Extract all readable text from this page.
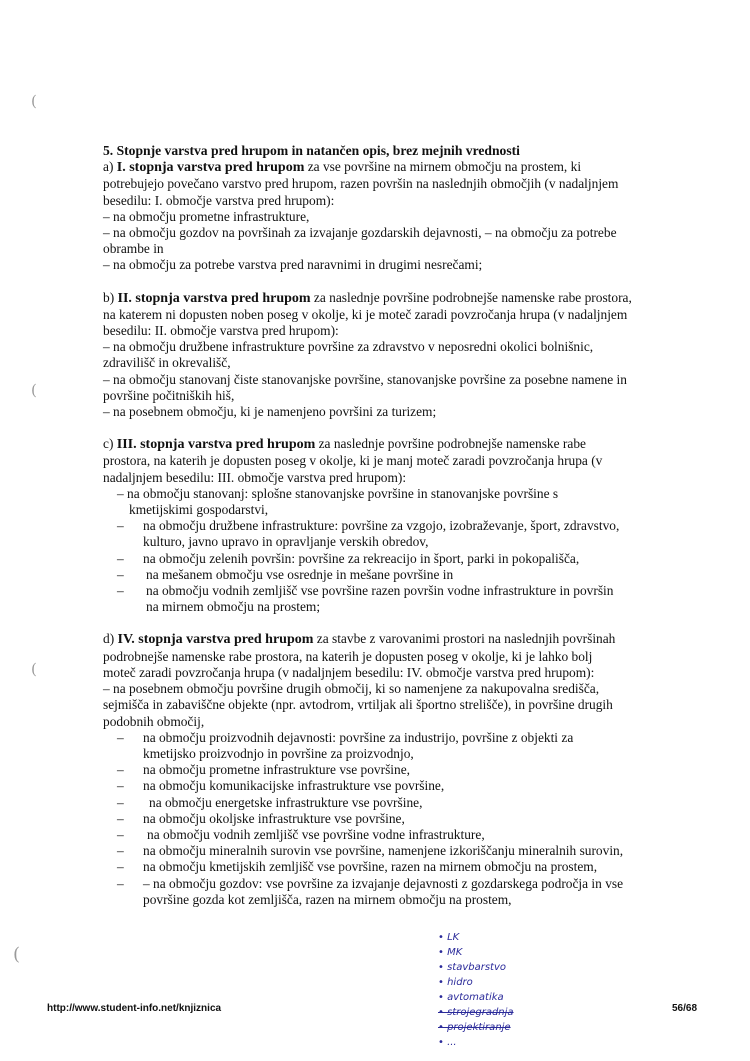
(
(
(
(

5. Stopnje varstva pred hrupom in natančen opis, brez mejnih vrednosti

a) I. stopnja varstva pred hrupom za vse površine na mirnem območju na prostem, ki

potrebujejo povečano varstvo pred hrupom, razen površin na naslednjih območjih (v nadaljnjem
besedilu: I. območje varstva pred hrupom):
– na območju prometne infrastrukture,
– na območju gozdov na površinah za izvajanje gozdarskih dejavnosti, – na območju za potrebe
obrambe in
– na območju za potrebe varstva pred naravnimi in drugimi nesrečami;

b) II. stopnja varstva pred hrupom za naslednje površine podrobnejše namenske rabe prostora,

na katerem ni dopusten noben poseg v okolje, ki je moteč zaradi povzročanja hrupa (v nadaljnjem
besedilu: II. območje varstva pred hrupom):
– na območju družbene infrastrukture površine za zdravstvo v neposredni okolici bolnišnic,
zdravilišč in okrevališč,
– na območju stanovanj čiste stanovanjske površine, stanovanjske površine za posebne namene in
površine počitniških hiš,
– na posebnem območju, ki je namenjeno površini za turizem;

c) III. stopnja varstva pred hrupom za naslednje površine podrobnejše namenske rabe

prostora, na katerih je dopusten poseg v okolje, ki je manj moteč zaradi povzročanja hrupa (v
nadaljnjem besedilu: III. območje varstva pred hrupom):
– na območju stanovanj: splošne stanovanjske površine in stanovanjske površine s
kmetijskimi gospodarstvi,
–	na območju družbene infrastrukture: površine za vzgojo, izobraževanje, šport, zdravstvo,
kulturo, javno upravo in opravljanje verskih obredov,
–	na območju zelenih površin: površine za rekreacijo in šport, parki in pokopališča,
–	na mešanem območju vse osrednje in mešane površine in
–	na območju vodnih zemljišč vse površine razen površin vodne infrastrukture in površin
na mirnem območju na prostem;

d) IV. stopnja varstva pred hrupom za stavbe z varovanimi prostori na naslednjih površinah

podrobnejše namenske rabe prostora, na katerih je dopusten poseg v okolje, ki je lahko bolj
moteč zaradi povzročanja hrupa (v nadaljnjem besedilu: IV. območje varstva pred hrupom):
– na posebnem območju površine drugih območij, ki so namenjene za nakupovalna središča,
sejmišča in zabaviščne objekte (npr. avtodrom, vrtiljak ali športno strelišče), in površine drugih
podobnih območij,
–	na območju proizvodnih dejavnosti: površine za industrijo, površine z objekti za
kmetijsko proizvodnjo in površine za proizvodnjo,
–	na območju prometne infrastrukture vse površine,
–	na območju komunikacijske infrastrukture vse površine,
–	na območju energetske infrastrukture vse površine,
–	na območju okoljske infrastrukture vse površine,
–	na območju vodnih zemljišč vse površine vodne infrastrukture,
–	na območju mineralnih surovin vse površine, namenjene izkoriščanju mineralnih surovin,
–	na območju kmetijskih zemljišč vse površine, razen na mirnem območju na prostem,
–	– na območju gozdov: vse površine za izvajanje dejavnosti z gozdarskega področja in vse
površine gozda kot zemljišča, razen na mirnem območju na prostem,
• LK
• MK
• stavbarstvo
• hidro
• avtomatika
• strojegradnja
• projektiranje
• ...
http://www.student-info.net/knjiznica	56/68
